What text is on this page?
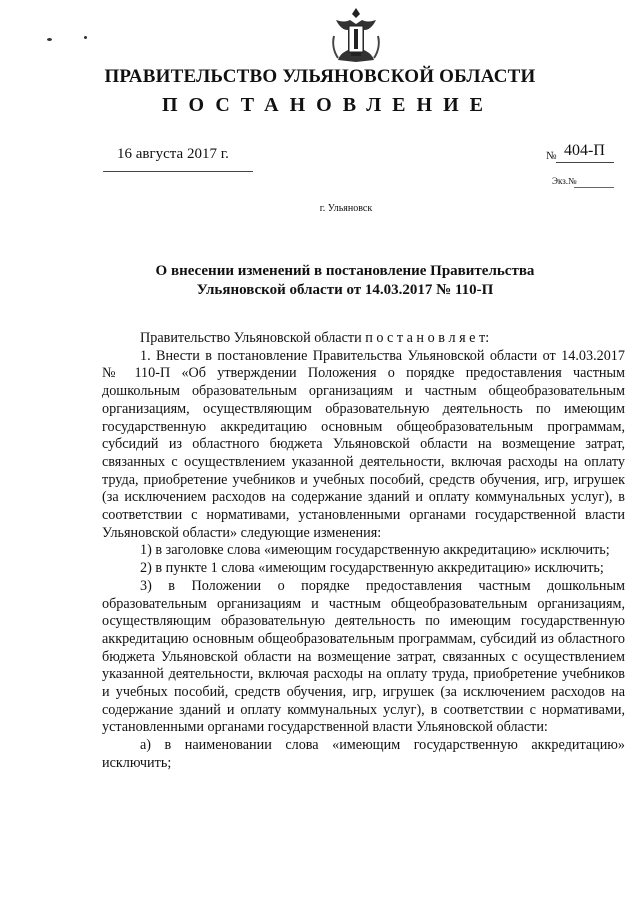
ПРАВИТЕЛЬСТВО УЛЬЯНОВСКОЙ ОБЛАСТИ
ПОСТАНОВЛЕНИЕ
16 августа 2017 г.	№ 404-П
Экз.№
г. Ульяновск
О внесении изменений в постановление Правительства
Ульяновской области от 14.03.2017 № 110-П

Правительство Ульяновской области п о с т а н о в л я е т:

1. Внести в постановление Правительства Ульяновской области от 14.03.2017 № 110-П «Об утверждении Положения о порядке предоставления частным дошкольным образовательным организациям и частным общеобразовательным организациям, осуществляющим образовательную деятельность по имеющим государственную аккредитацию основным общеобразовательным программам, субсидий из областного бюджета Ульяновской области на возмещение затрат, связанных с осуществлением указанной деятельности, включая расходы на оплату труда, приобретение учебников и учебных пособий, средств обучения, игр, игрушек (за исключением расходов на содержание зданий и оплату коммунальных услуг), в соответствии с нормативами, установленными органами государственной власти Ульяновской области» следующие изменения:

1) в заголовке слова «имеющим государственную аккредитацию» исключить;

2) в пункте 1 слова «имеющим государственную аккредитацию» исключить;

3) в Положении о порядке предоставления частным дошкольным образовательным организациям и частным общеобразовательным организациям, осуществляющим образовательную деятельность по имеющим государственную аккредитацию основным общеобразовательным программам, субсидий из областного бюджета Ульяновской области на возмещение затрат, связанных с осуществлением указанной деятельности, включая расходы на оплату труда, приобретение учебников и учебных пособий, средств обучения, игр, игрушек (за исключением расходов на содержание зданий и оплату коммунальных услуг), в соответствии с нормативами, установленными органами государственной власти Ульяновской области:

а) в наименовании слова «имеющим государственную аккредитацию» исключить;
